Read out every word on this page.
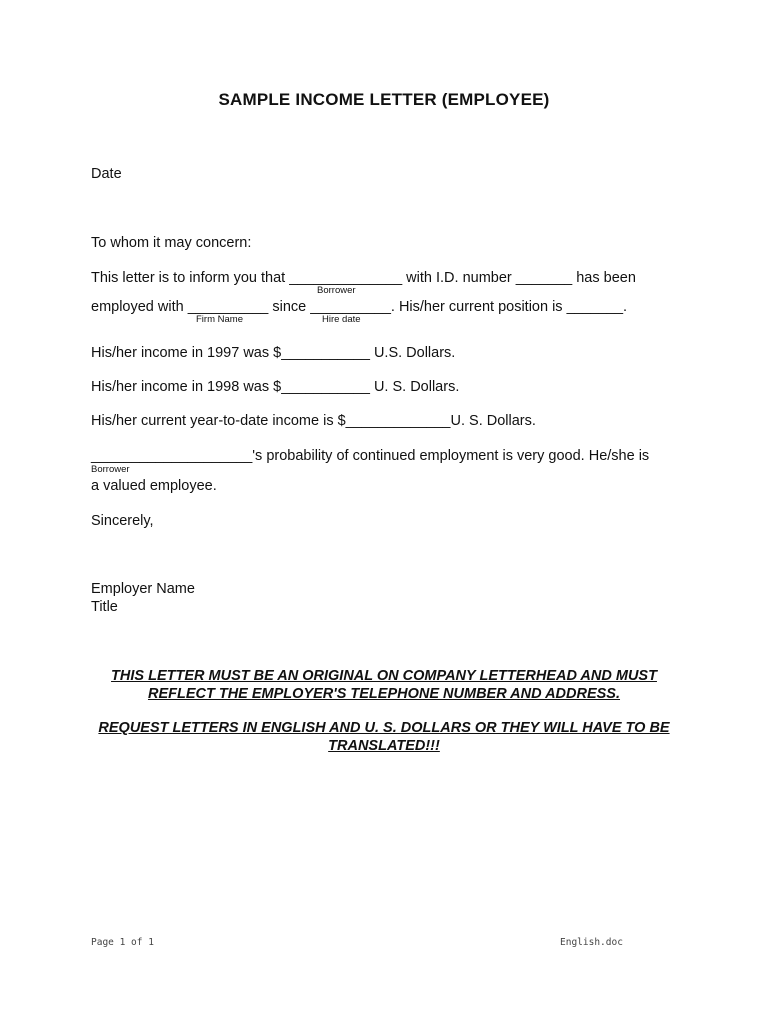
SAMPLE INCOME LETTER (EMPLOYEE)
Date
To whom it may concern:
This letter is to inform you that ______________ with I.D. number _______ has been
Borrower
employed with __________ since __________. His/her current position is _______.
Firm Name	Hire date
His/her income in 1997 was $___________ U.S. Dollars.
His/her income in 1998 was $___________ U. S. Dollars.
His/her current year-to-date income is $_____________U. S. Dollars.
____________________'s probability of continued employment is very good. He/she is
Borrower
a valued employee.
Sincerely,
Employer Name
Title
THIS LETTER MUST BE AN ORIGINAL ON COMPANY LETTERHEAD AND MUST REFLECT THE EMPLOYER'S TELEPHONE NUMBER AND ADDRESS.
REQUEST LETTERS IN ENGLISH AND U. S. DOLLARS OR THEY WILL HAVE TO BE TRANSLATED!!!
Page 1 of 1	English.doc
